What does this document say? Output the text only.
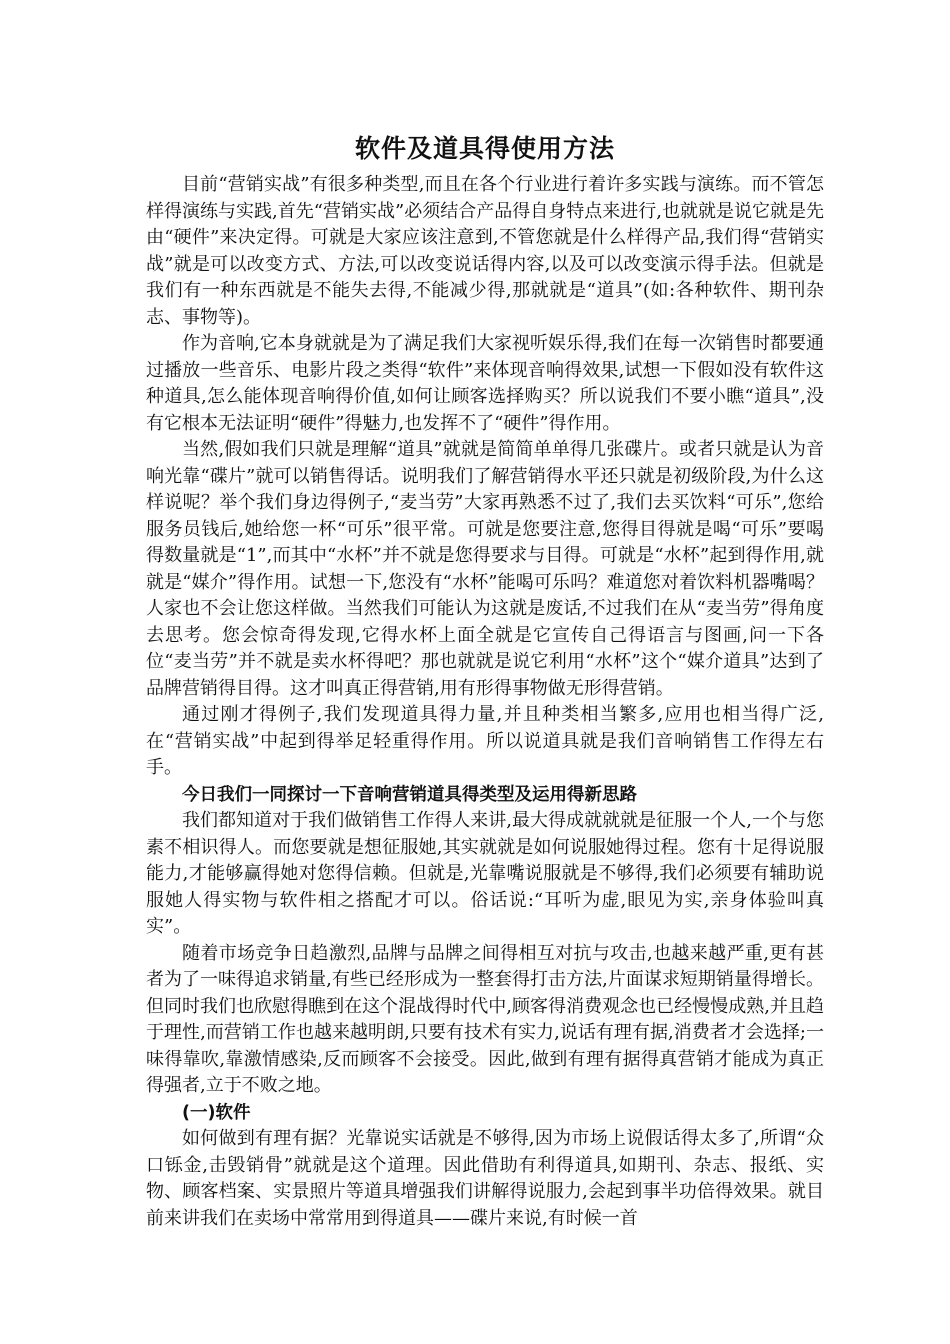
软件及道具得使用方法

目前“营销实战”有很多种类型,而且在各个行业进行着许多实践与演练。而不管怎样得演练与实践,首先“营销实战”必须结合产品得自身特点来进行,也就就是说它就是先由“硬件”来决定得。可就是大家应该注意到,不管您就是什么样得产品,我们得“营销实战”就是可以改变方式、方法,可以改变说话得内容,以及可以改变演示得手法。但就是我们有一种东西就是不能失去得,不能减少得,那就就是“道具”(如:各种软件、期刊杂志、事物等)。

作为音响,它本身就就是为了满足我们大家视听娱乐得,我们在每一次销售时都要通过播放一些音乐、电影片段之类得“软件”来体现音响得效果,试想一下假如没有软件这种道具,怎么能体现音响得价值,如何让顾客选择购买？所以说我们不要小瞧“道具”,没有它根本无法证明“硬件”得魅力,也发挥不了“硬件”得作用。

当然,假如我们只就是理解“道具”就就是简简单单得几张碟片。或者只就是认为音响光靠“碟片”就可以销售得话。说明我们了解营销得水平还只就是初级阶段,为什么这样说呢？举个我们身边得例子,“麦当劳”大家再熟悉不过了,我们去买饮料“可乐”,您给服务员钱后,她给您一杯“可乐”很平常。可就是您要注意,您得目得就是喝“可乐”要喝得数量就是“1”,而其中“水杯”并不就是您得要求与目得。可就是“水杯”起到得作用,就就是“媒介”得作用。试想一下,您没有“水杯”能喝可乐吗？难道您对着饮料机器嘴喝？人家也不会让您这样做。当然我们可能认为这就是废话,不过我们在从“麦当劳”得角度去思考。您会惊奇得发现,它得水杯上面全就是它宣传自己得语言与图画,问一下各位“麦当劳”并不就是卖水杯得吧？那也就就是说它利用“水杯”这个“媒介道具”达到了品牌营销得目得。这才叫真正得营销,用有形得事物做无形得营销。

通过刚才得例子,我们发现道具得力量,并且种类相当繁多,应用也相当得广泛,在“营销实战”中起到得举足轻重得作用。所以说道具就是我们音响销售工作得左右手。

今日我们一同探讨一下音响营销道具得类型及运用得新思路

我们都知道对于我们做销售工作得人来讲,最大得成就就就是征服一个人,一个与您素不相识得人。而您要就是想征服她,其实就就是如何说服她得过程。您有十足得说服能力,才能够赢得她对您得信赖。但就是,光靠嘴说服就是不够得,我们必须要有辅助说服她人得实物与软件相之搭配才可以。俗话说:“耳听为虚,眼见为实,亲身体验叫真实”。

随着市场竞争日趋激烈,品牌与品牌之间得相互对抗与攻击,也越来越严重,更有甚者为了一味得追求销量,有些已经形成为一整套得打击方法,片面谋求短期销量得增长。但同时我们也欣慰得瞧到在这个混战得时代中,顾客得消费观念也已经慢慢成熟,并且趋于理性,而营销工作也越来越明朗,只要有技术有实力,说话有理有据,消费者才会选择;一味得靠吹,靠激情感染,反而顾客不会接受。因此,做到有理有据得真营销才能成为真正得强者,立于不败之地。

(一)软件

如何做到有理有据？光靠说实话就是不够得,因为市场上说假话得太多了,所谓“众口铄金,击毁销骨”就就是这个道理。因此借助有利得道具,如期刊、杂志、报纸、实物、顾客档案、实景照片等道具增强我们讲解得说服力,会起到事半功倍得效果。就目前来讲我们在卖场中常常用到得道具——碟片来说,有时候一首
